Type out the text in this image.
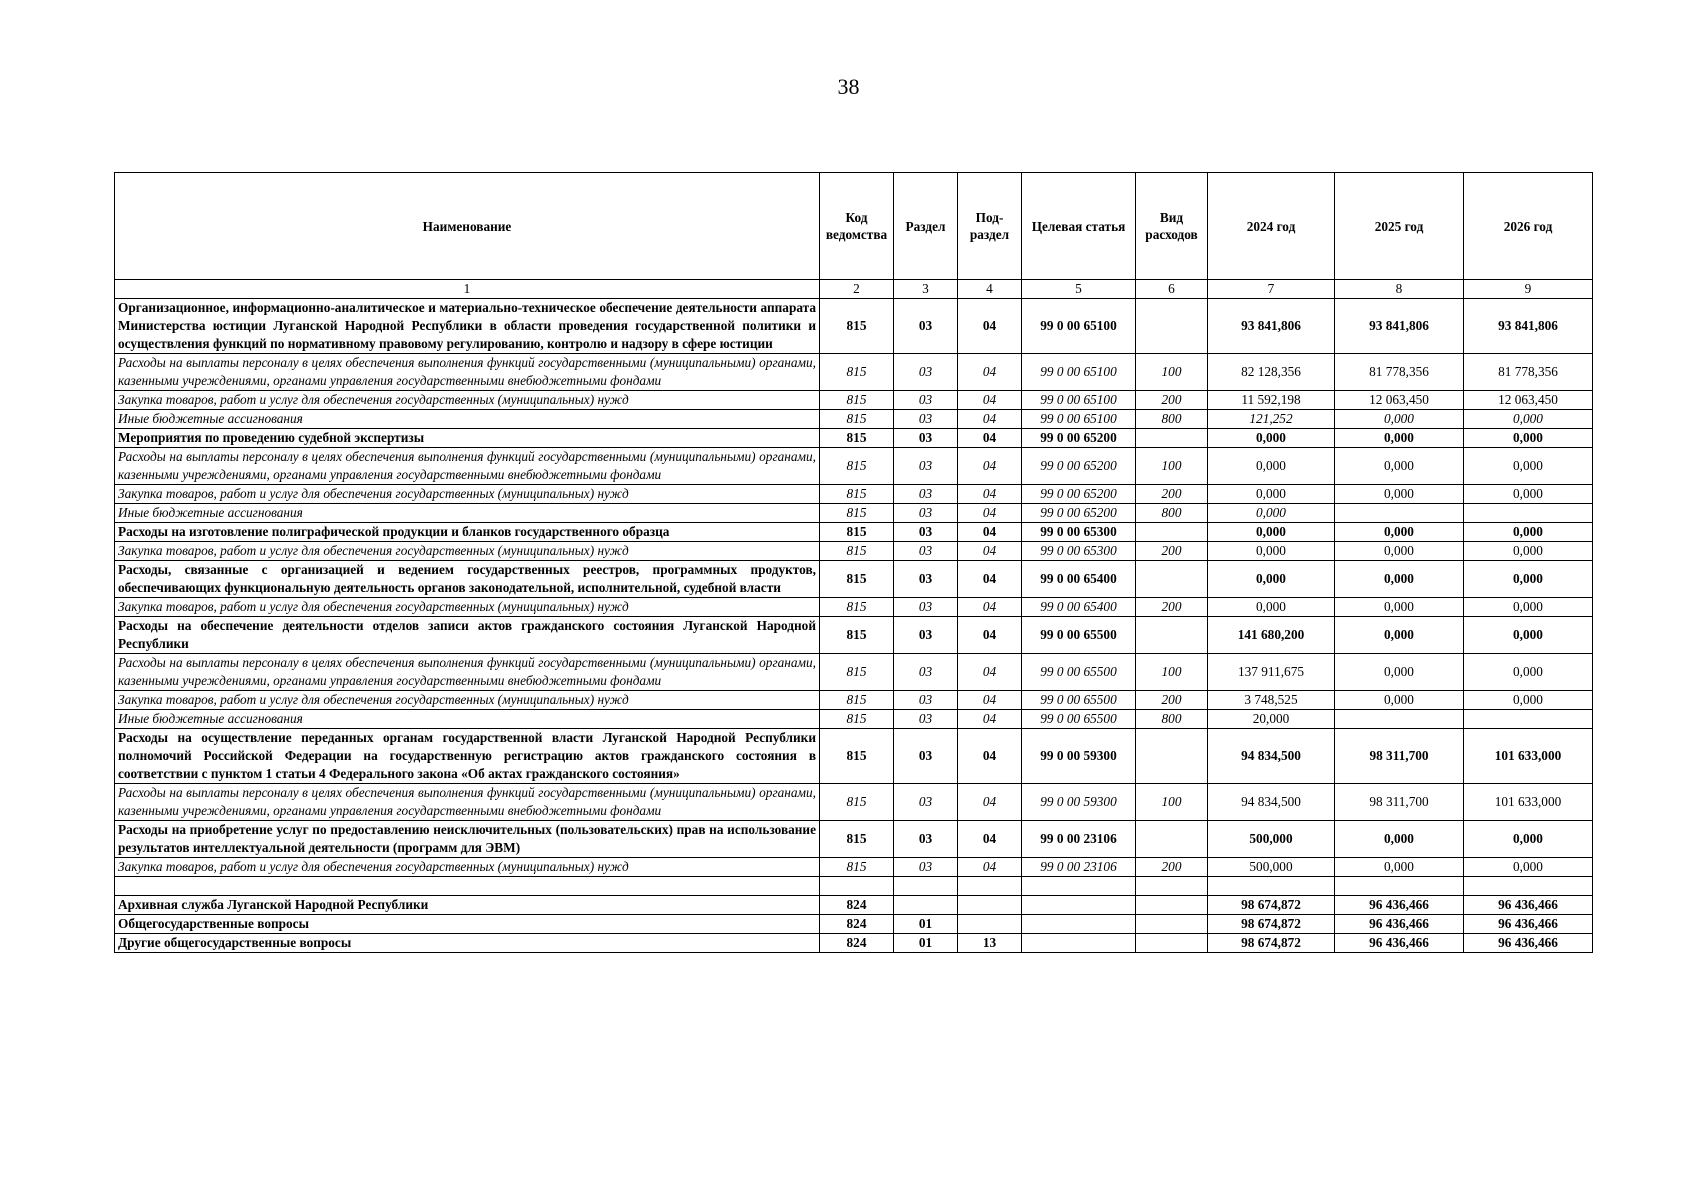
38
Наименование	Код ведомства	Раздел	Под-раздел	Целевая статья	Вид расходов	2024 год	2025 год	2026 год
1	2	3	4	5	6	7	8	9
Организационное, информационно-аналитическое и материально-техническое обеспечение деятельности аппарата Министерства юстиции Луганской Народной Республики в области проведения государственной политики и осуществления функций по нормативному правовому регулированию, контролю и надзору в сфере юстиции	815	03	04	99 0 00 65100		93 841,806	93 841,806	93 841,806
Расходы на выплаты персоналу в целях обеспечения выполнения функций государственными (муниципальными) органами, казенными учреждениями, органами управления государственными внебюджетными фондами	815	03	04	99 0 00 65100	100	82 128,356	81 778,356	81 778,356
Закупка товаров, работ и услуг для обеспечения государственных (муниципальных) нужд	815	03	04	99 0 00 65100	200	11 592,198	12 063,450	12 063,450
Иные бюджетные ассигнования	815	03	04	99 0 00 65100	800	121,252	0,000	0,000
Мероприятия по проведению судебной экспертизы	815	03	04	99 0 00 65200		0,000	0,000	0,000
Расходы на выплаты персоналу в целях обеспечения выполнения функций государственными (муниципальными) органами, казенными учреждениями, органами управления государственными внебюджетными фондами	815	03	04	99 0 00 65200	100	0,000	0,000	0,000
Закупка товаров, работ и услуг для обеспечения государственных (муниципальных) нужд	815	03	04	99 0 00 65200	200	0,000	0,000	0,000
Иные бюджетные ассигнования	815	03	04	99 0 00 65200	800	0,000		
Расходы на изготовление полиграфической продукции и бланков государственного образца	815	03	04	99 0 00 65300		0,000	0,000	0,000
Закупка товаров, работ и услуг для обеспечения государственных (муниципальных) нужд	815	03	04	99 0 00 65300	200	0,000	0,000	0,000
Расходы, связанные с организацией и ведением государственных реестров, программных продуктов, обеспечивающих функциональную деятельность органов законодательной, исполнительной, судебной власти	815	03	04	99 0 00 65400		0,000	0,000	0,000
Закупка товаров, работ и услуг для обеспечения государственных (муниципальных) нужд	815	03	04	99 0 00 65400	200	0,000	0,000	0,000
Расходы на обеспечение деятельности отделов записи актов гражданского состояния Луганской Народной Республики	815	03	04	99 0 00 65500		141 680,200	0,000	0,000
Расходы на выплаты персоналу в целях обеспечения выполнения функций государственными (муниципальными) органами, казенными учреждениями, органами управления государственными внебюджетными фондами	815	03	04	99 0 00 65500	100	137 911,675	0,000	0,000
Закупка товаров, работ и услуг для обеспечения государственных (муниципальных) нужд	815	03	04	99 0 00 65500	200	3 748,525	0,000	0,000
Иные бюджетные ассигнования	815	03	04	99 0 00 65500	800	20,000		
Расходы на осуществление переданных органам государственной власти Луганской Народной Республики полномочий Российской Федерации на государственную регистрацию актов гражданского состояния в соответствии с пунктом 1 статьи 4 Федерального закона «Об актах гражданского состояния»	815	03	04	99 0 00 59300		94 834,500	98 311,700	101 633,000
Расходы на выплаты персоналу в целях обеспечения выполнения функций государственными (муниципальными) органами, казенными учреждениями, органами управления государственными внебюджетными фондами	815	03	04	99 0 00 59300	100	94 834,500	98 311,700	101 633,000
Расходы на приобретение услуг по предоставлению неисключительных (пользовательских) прав на использование результатов интеллектуальной деятельности (программ для ЭВМ)	815	03	04	99 0 00 23106		500,000	0,000	0,000
Закупка товаров, работ и услуг для обеспечения государственных (муниципальных) нужд	815	03	04	99 0 00 23106	200	500,000	0,000	0,000

Архивная служба Луганской Народной Республики	824					98 674,872	96 436,466	96 436,466
Общегосударственные вопросы	824	01				98 674,872	96 436,466	96 436,466
Другие общегосударственные вопросы	824	01	13			98 674,872	96 436,466	96 436,466
